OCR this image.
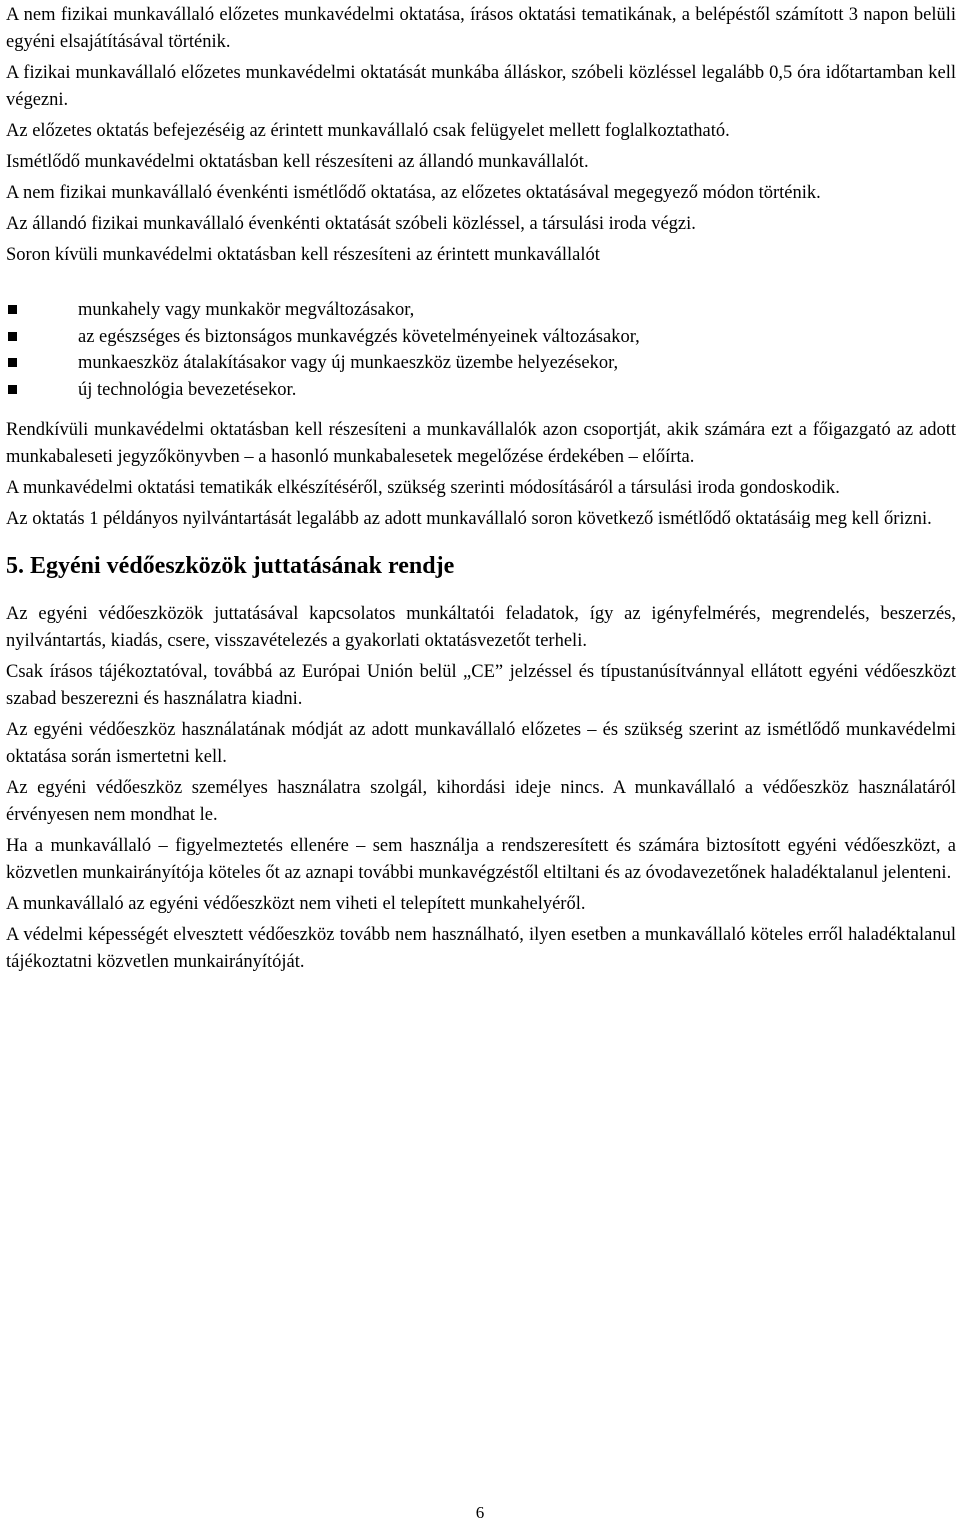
A nem fizikai munkavállaló előzetes munkavédelmi oktatása, írásos oktatási tematikának, a belépéstől számított 3 napon belüli egyéni elsajátításával történik.

A fizikai munkavállaló előzetes munkavédelmi oktatását munkába álláskor, szóbeli közléssel legalább 0,5 óra időtartamban kell végezni.

Az előzetes oktatás befejezéséig az érintett munkavállaló csak felügyelet mellett foglalkoztatható.

Ismétlődő munkavédelmi oktatásban kell részesíteni az állandó munkavállalót.

A nem fizikai munkavállaló évenkénti ismétlődő oktatása, az előzetes oktatásával megegyező módon történik.

Az állandó fizikai munkavállaló évenkénti oktatását szóbeli közléssel, a társulási iroda végzi.

Soron kívüli munkavédelmi oktatásban kell részesíteni az érintett munkavállalót

munkahely vagy munkakör megváltozásakor,
az egészséges és biztonságos munkavégzés követelményeinek változásakor,
munkaeszköz átalakításakor vagy új munkaeszköz üzembe helyezésekor,
új technológia bevezetésekor.

Rendkívüli munkavédelmi oktatásban kell részesíteni a munkavállalók azon csoportját, akik számára ezt a főigazgató az adott munkabaleseti jegyzőkönyvben – a hasonló munkabalesetek megelőzése érdekében – előírta.

A munkavédelmi oktatási tematikák elkészítéséről, szükség szerinti módosításáról a társulási iroda gondoskodik.

Az oktatás 1 példányos nyilvántartását legalább az adott munkavállaló soron következő ismétlődő oktatásáig meg kell őrizni.

5. Egyéni védőeszközök juttatásának rendje

Az egyéni védőeszközök juttatásával kapcsolatos munkáltatói feladatok, így az igényfelmérés, megrendelés, beszerzés, nyilvántartás, kiadás, csere, visszavételezés a gyakorlati oktatásvezetőt terheli.

Csak írásos tájékoztatóval, továbbá az Európai Unión belül „CE” jelzéssel és típustanúsítvánnyal ellátott egyéni védőeszközt szabad beszerezni és használatra kiadni.

Az egyéni védőeszköz használatának módját az adott munkavállaló előzetes – és szükség szerint az ismétlődő munkavédelmi oktatása során ismertetni kell.

Az egyéni védőeszköz személyes használatra szolgál, kihordási ideje nincs. A munkavállaló a védőeszköz használatáról érvényesen nem mondhat le.

Ha a munkavállaló – figyelmeztetés ellenére – sem használja a rendszeresített és számára biztosított egyéni védőeszközt, a közvetlen munkairányítója köteles őt az aznapi további munkavégzéstől eltiltani és az óvodavezetőnek haladéktalanul jelenteni.

A munkavállaló az egyéni védőeszközt nem viheti el telepített munkahelyéről.

A védelmi képességét elvesztett védőeszköz tovább nem használható, ilyen esetben a munkavállaló köteles erről haladéktalanul tájékoztatni közvetlen munkairányítóját.

6
